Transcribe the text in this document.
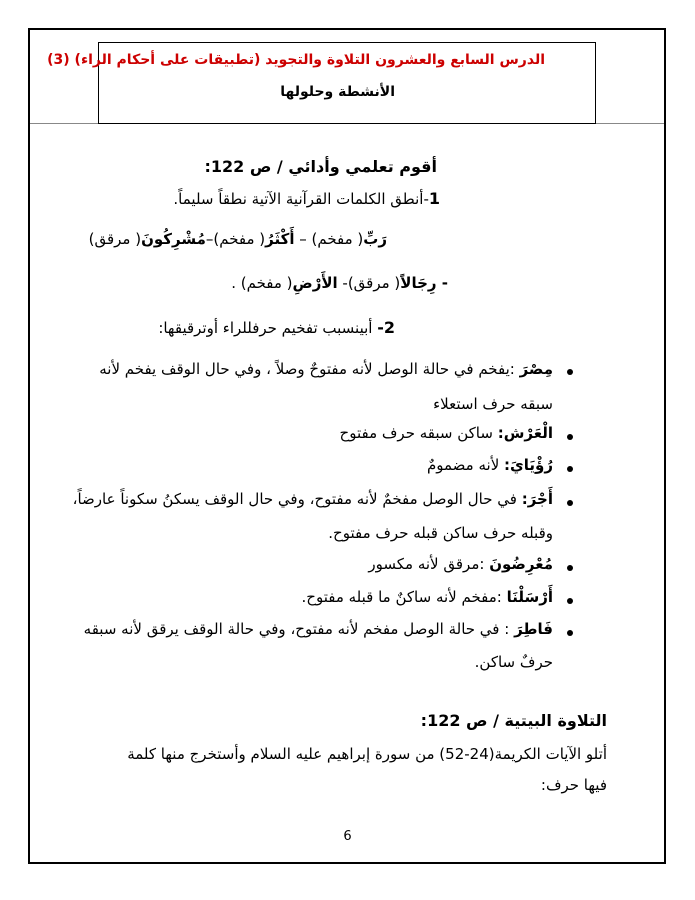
الدرس السابع والعشرون التلاوة والتجويد (تطبيقات على أحكام الراء) (3)
الأنشطة وحلولها
أقوم تعلمي وأدائي / ص 122:
1-أنطق الكلمات القرآنية الآتية نطقاً سليماً.
رَبِّ( مفخم) – أَكْثَرُ( مفخم)–مُشْرِكُونَ( مرقق)
- رِجَالاً( مرقق)- الأَرْضِ( مفخم) .
2- أبينسبب تفخيم حرفللراء أوترقيقها:
مِصْرَ :يفخم في حالة الوصل لأنه مفتوحٌ وصلاً ، وفي حال الوقف يفخم لأنه
سبقه حرف استعلاء
الْعَرْش: ساكن سبقه حرف مفتوح
رُؤْيَايَ: لأنه مضمومٌ
أَجْرَ: في حال الوصل مفخمٌ لأنه مفتوح، وفي حال الوقف يسكنُ سكوناً عارضاً،
وقبله حرف ساكن قبله حرف مفتوح.
مُعْرِضُونَ :مرقق لأنه مكسور
أَرْسَلْنَا :مفخم لأنه ساكنٌ ما قبله مفتوح.
فَاطِرَ : في حالة الوصل مفخم لأنه مفتوح، وفي حالة الوقف يرقق لأنه سبقه
حرفٌ ساكن.
التلاوة البيتية / ص 122:
أتلو الآيات الكريمة(24-52) من سورة إبراهيم عليه السلام وأستخرج منها كلمة
فيها حرف:
6
